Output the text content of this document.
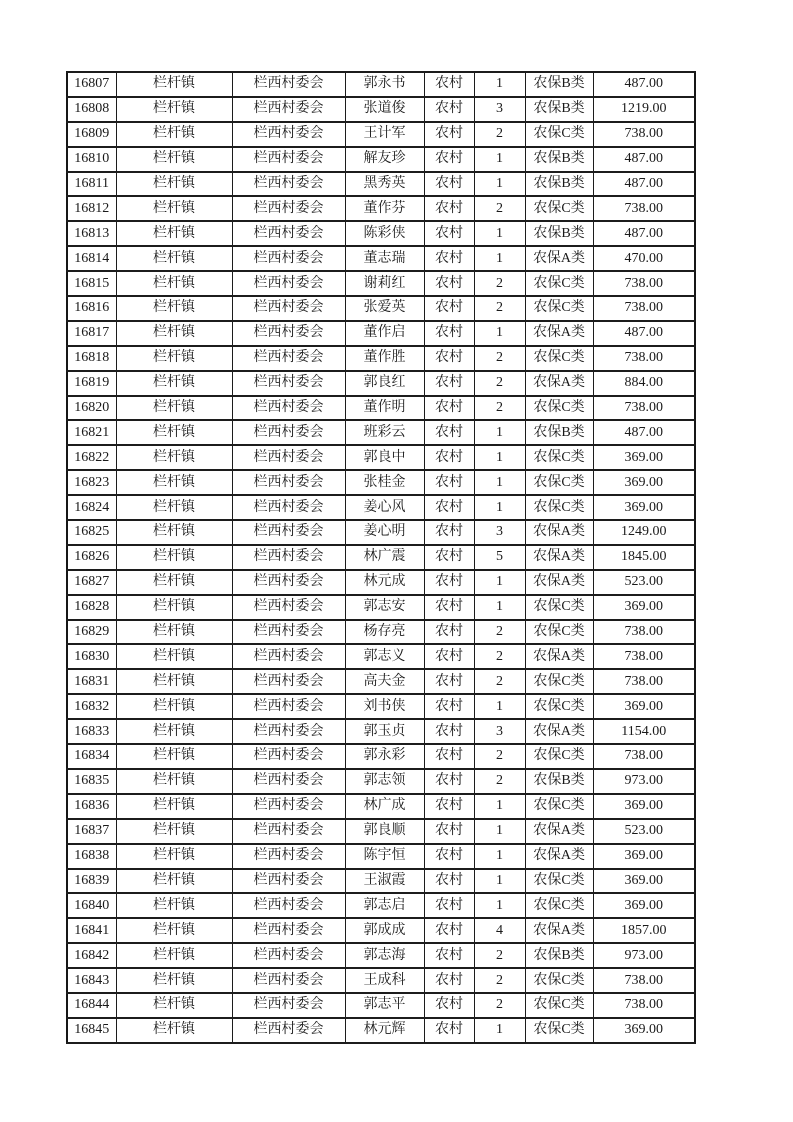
16807	栏杆镇	栏西村委会	郭永书	农村	1	农保B类	487.00
16808	栏杆镇	栏西村委会	张道俊	农村	3	农保B类	1219.00
16809	栏杆镇	栏西村委会	王计军	农村	2	农保C类	738.00
16810	栏杆镇	栏西村委会	解友珍	农村	1	农保B类	487.00
16811	栏杆镇	栏西村委会	黑秀英	农村	1	农保B类	487.00
16812	栏杆镇	栏西村委会	董作芬	农村	2	农保C类	738.00
16813	栏杆镇	栏西村委会	陈彩侠	农村	1	农保B类	487.00
16814	栏杆镇	栏西村委会	董志瑞	农村	1	农保A类	470.00
16815	栏杆镇	栏西村委会	谢莉红	农村	2	农保C类	738.00
16816	栏杆镇	栏西村委会	张爱英	农村	2	农保C类	738.00
16817	栏杆镇	栏西村委会	董作启	农村	1	农保A类	487.00
16818	栏杆镇	栏西村委会	董作胜	农村	2	农保C类	738.00
16819	栏杆镇	栏西村委会	郭良红	农村	2	农保A类	884.00
16820	栏杆镇	栏西村委会	董作明	农村	2	农保C类	738.00
16821	栏杆镇	栏西村委会	班彩云	农村	1	农保B类	487.00
16822	栏杆镇	栏西村委会	郭良中	农村	1	农保C类	369.00
16823	栏杆镇	栏西村委会	张桂金	农村	1	农保C类	369.00
16824	栏杆镇	栏西村委会	姜心风	农村	1	农保C类	369.00
16825	栏杆镇	栏西村委会	姜心明	农村	3	农保A类	1249.00
16826	栏杆镇	栏西村委会	林广震	农村	5	农保A类	1845.00
16827	栏杆镇	栏西村委会	林元成	农村	1	农保A类	523.00
16828	栏杆镇	栏西村委会	郭志安	农村	1	农保C类	369.00
16829	栏杆镇	栏西村委会	杨存亮	农村	2	农保C类	738.00
16830	栏杆镇	栏西村委会	郭志义	农村	2	农保A类	738.00
16831	栏杆镇	栏西村委会	高夫金	农村	2	农保C类	738.00
16832	栏杆镇	栏西村委会	刘书侠	农村	1	农保C类	369.00
16833	栏杆镇	栏西村委会	郭玉贞	农村	3	农保A类	1154.00
16834	栏杆镇	栏西村委会	郭永彩	农村	2	农保C类	738.00
16835	栏杆镇	栏西村委会	郭志领	农村	2	农保B类	973.00
16836	栏杆镇	栏西村委会	林广成	农村	1	农保C类	369.00
16837	栏杆镇	栏西村委会	郭良顺	农村	1	农保A类	523.00
16838	栏杆镇	栏西村委会	陈宇恒	农村	1	农保A类	369.00
16839	栏杆镇	栏西村委会	王淑霞	农村	1	农保C类	369.00
16840	栏杆镇	栏西村委会	郭志启	农村	1	农保C类	369.00
16841	栏杆镇	栏西村委会	郭成成	农村	4	农保A类	1857.00
16842	栏杆镇	栏西村委会	郭志海	农村	2	农保B类	973.00
16843	栏杆镇	栏西村委会	王成科	农村	2	农保C类	738.00
16844	栏杆镇	栏西村委会	郭志平	农村	2	农保C类	738.00
16845	栏杆镇	栏西村委会	林元辉	农村	1	农保C类	369.00
